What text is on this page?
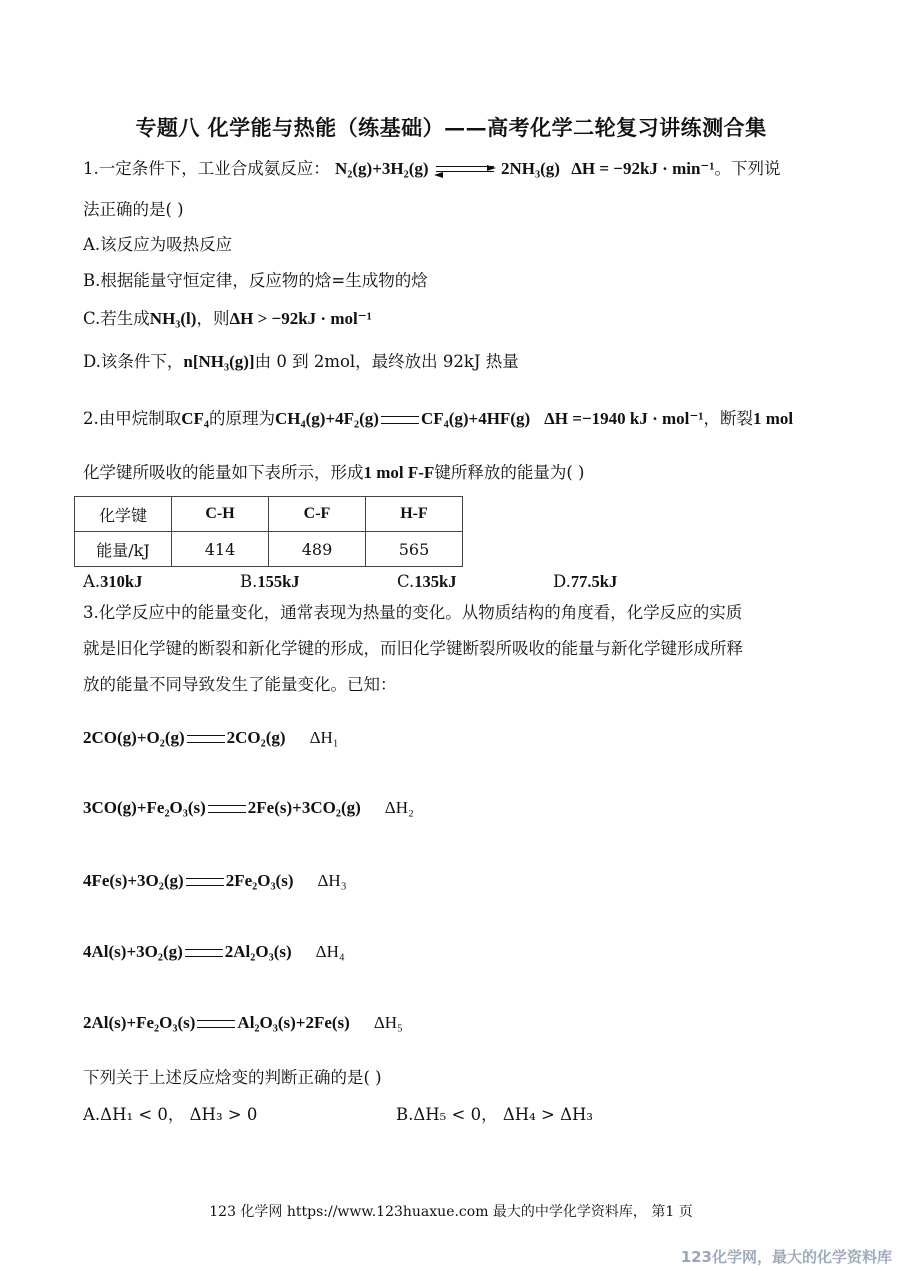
专题八 化学能与热能（练基础）——高考化学二轮复习讲练测合集
1.一定条件下，工业合成氨反应： N₂(g)+3H₂(g)	2NH₃(g) ΔH = −92kJ · min⁻¹。下列说
法正确的是( )
A.该反应为吸热反应
B.根据能量守恒定律，反应物的焓=生成物的焓
C.若生成NH₃(l)，则ΔH > −92kJ · mol⁻¹
D.该条件下，n[NH₃(g)]由 0 到 2mol，最终放出 92kJ 热量
2.由甲烷制取CF₄的原理为CH₄(g)+4F₂(g) CF₄(g)+4HF(g) ΔH =−1940 kJ · mol⁻¹，断裂1 mol
化学键所吸收的能量如下表所示，形成1 mol F-F键所释放的能量为( )
化学键	C-H	C-F	H-F
能量/kJ	414	489	565
A.310kJ	B.155kJ	C.135kJ	D.77.5kJ
3.化学反应中的能量变化，通常表现为热量的变化。从物质结构的角度看，化学反应的实质
就是旧化学键的断裂和新化学键的形成，而旧化学键断裂所吸收的能量与新化学键形成所释
放的能量不同导致发生了能量变化。已知：
2CO(g)+O₂(g) 2CO₂(g) ΔH₁
3CO(g)+Fe₂O₃(s) 2Fe(s)+3CO₂(g) ΔH₂
4Fe(s)+3O₂(g) 2Fe₂O₃(s) ΔH₃
4Al(s)+3O₂(g) 2Al₂O₃(s) ΔH₄
2Al(s)+Fe₂O₃(s) Al₂O₃(s)+2Fe(s) ΔH₅
下列关于上述反应焓变的判断正确的是( )
A.ΔH₁ < 0， ΔH₃ > 0	B.ΔH₅ < 0， ΔH₄ > ΔH₃
123 化学网 https://www.123huaxue.com 最大的中学化学资料库， 第1 页
123化学网，最大的化学资料库
